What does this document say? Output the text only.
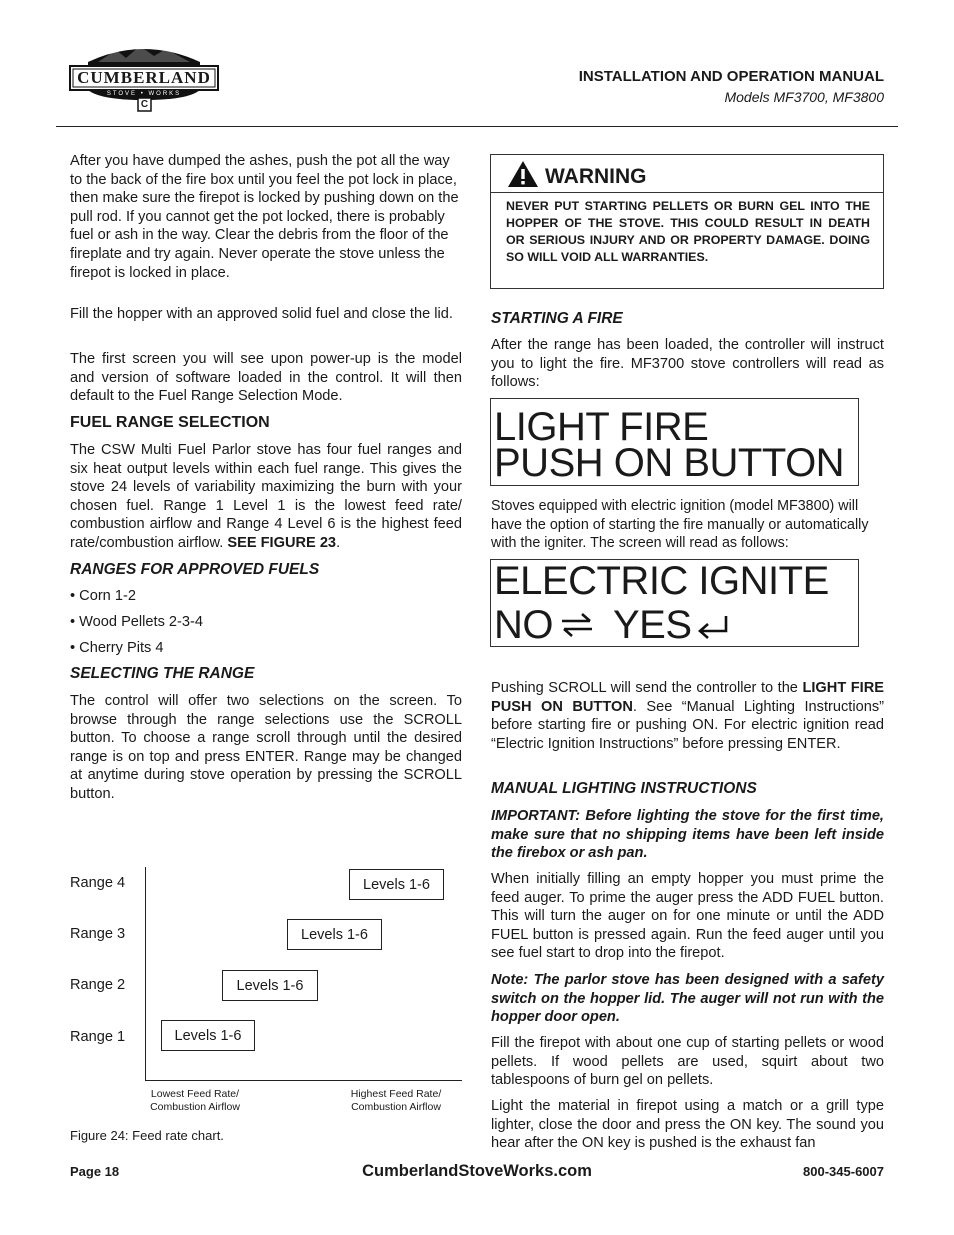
CUMBERLAND
STOVE • WORKS
C
INSTALLATION AND OPERATION MANUAL
Models MF3700, MF3800

After you have dumped the ashes, push the pot all the way to the back of the fire box until you feel the pot lock in place, then make sure the firepot is locked by pushing down on the pull rod. If you cannot get the pot locked, there is probably fuel or ash in the way. Clear the debris from the floor of the fireplate and try again. Never operate the stove unless the firepot is locked in place.

Fill the hopper with an approved solid fuel and close the lid.

The first screen you will see upon power-up is the model and version of software loaded in the control. It will then default to the Fuel Range Selection Mode.

FUEL RANGE SELECTION

The CSW Multi Fuel Parlor stove has four fuel ranges and six heat output levels within each fuel range. This gives the stove 24 levels of variability maximizing the burn with your chosen fuel. Range 1 Level 1 is the lowest feed rate/ combustion airflow and Range 4 Level 6 is the highest feed rate/combustion airflow. SEE FIGURE 23.

RANGES FOR APPROVED FUELS
• Corn 1-2
• Wood Pellets 2-3-4
• Cherry Pits 4
SELECTING THE RANGE

The control will offer two selections on the screen. To browse through the range selections use the SCROLL button. To choose a range scroll through until the desired range is on top and press ENTER. Range may be changed at anytime during stove operation by pressing the SCROLL button.

Range 4
Range 3
Range 2
Range 1
Levels 1-6
Levels 1-6
Levels 1-6
Levels 1-6
Lowest Feed Rate/
Combustion Airflow
Highest Feed Rate/
Combustion Airflow
Figure 24: Feed rate chart.
WARNING

NEVER PUT STARTING PELLETS OR BURN GEL INTO THE HOPPER OF THE STOVE. THIS COULD RESULT IN DEATH OR SERIOUS INJURY AND OR PROPERTY DAMAGE. DOING SO WILL VOID ALL WARRANTIES.

STARTING A FIRE

After the range has been loaded, the controller will instruct you to light the fire. MF3700 stove controllers will read as follows:

LIGHT FIRE
PUSH ON BUTTON

Stoves equipped with electric ignition (model MF3800) will have the option of starting the fire manually or automatically with the igniter. The screen will read as follows:

ELECTRIC IGNITE
NO YES

Pushing SCROLL will send the controller to the LIGHT FIRE PUSH ON BUTTON. See “Manual Lighting Instructions” before starting fire or pushing ON. For electric ignition read “Electric Ignition Instructions” before pressing ENTER.

MANUAL LIGHTING INSTRUCTIONS

IMPORTANT: Before lighting the stove for the first time, make sure that no shipping items have been left inside the firebox or ash pan.

When initially filling an empty hopper you must prime the feed auger. To prime the auger press the ADD FUEL button. This will turn the auger on for one minute or until the ADD FUEL button is pressed again. Run the feed auger until you see fuel start to drop into the firepot.

Note: The parlor stove has been designed with a safety switch on the hopper lid. The auger will not run with the hopper door open.

Fill the firepot with about one cup of starting pellets or wood pellets. If wood pellets are used, squirt about two tablespoons of burn gel on pellets.

Light the material in firepot using a match or a grill type lighter, close the door and press the ON key. The sound you hear after the ON key is pushed is the exhaust fan

Page 18	CumberlandStoveWorks.com	800-345-6007
